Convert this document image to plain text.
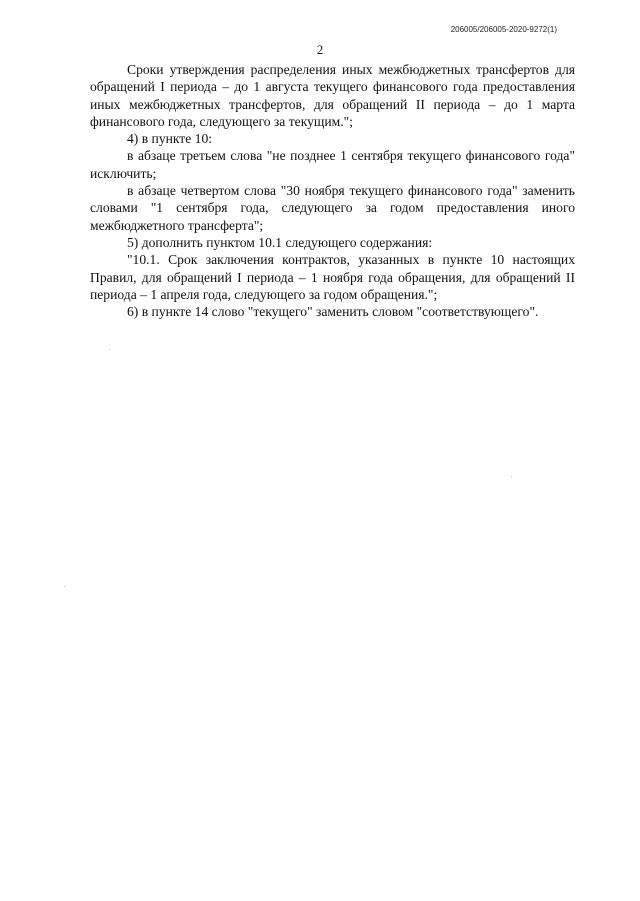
206005/206005-2020-9272(1)
2

Сроки утверждения распределения иных межбюджетных трансфертов для обращений I периода – до 1 августа текущего финансового года предоставления иных межбюджетных трансфертов, для обращений II периода – до 1 марта финансового года, следующего за текущим.";

4) в пункте 10:

в абзаце третьем слова "не позднее 1 сентября текущего финансового года" исключить;

в абзаце четвертом слова "30 ноября текущего финансового года" заменить словами "1 сентября года, следующего за годом предоставления иного межбюджетного трансферта";

5) дополнить пунктом 10.1 следующего содержания:

"10.1. Срок заключения контрактов, указанных в пункте 10 настоящих Правил, для обращений I периода – 1 ноября года обращения, для обращений II периода – 1 апреля года, следующего за годом обращения.";

6) в пункте 14 слово "текущего" заменить словом "соответствующего".
